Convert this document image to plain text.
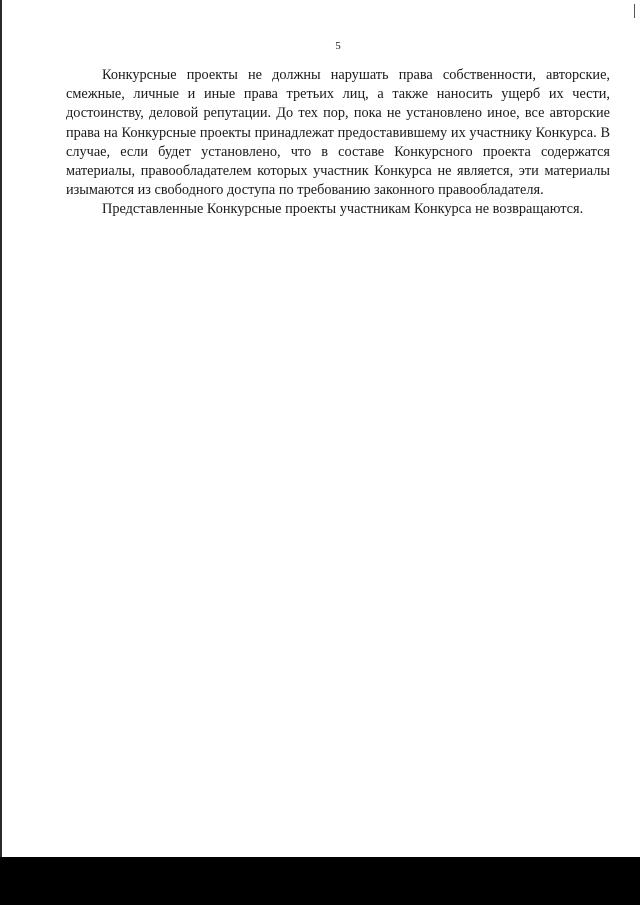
5

Конкурсные проекты не должны нарушать права собственности, авторские, смежные, личные и иные права третьих лиц, а также наносить ущерб их чести, достоинству, деловой репутации. До тех пор, пока не установлено иное, все авторские права на Конкурсные проекты принадлежат предоставившему их участнику Конкурса. В случае, если будет установлено, что в составе Конкурсного проекта содержатся материалы, правообладателем которых участник Конкурса не является, эти материалы изымаются из свободного доступа по требованию законного правообладателя.

Представленные Конкурсные проекты участникам Конкурса не возвращаются.
